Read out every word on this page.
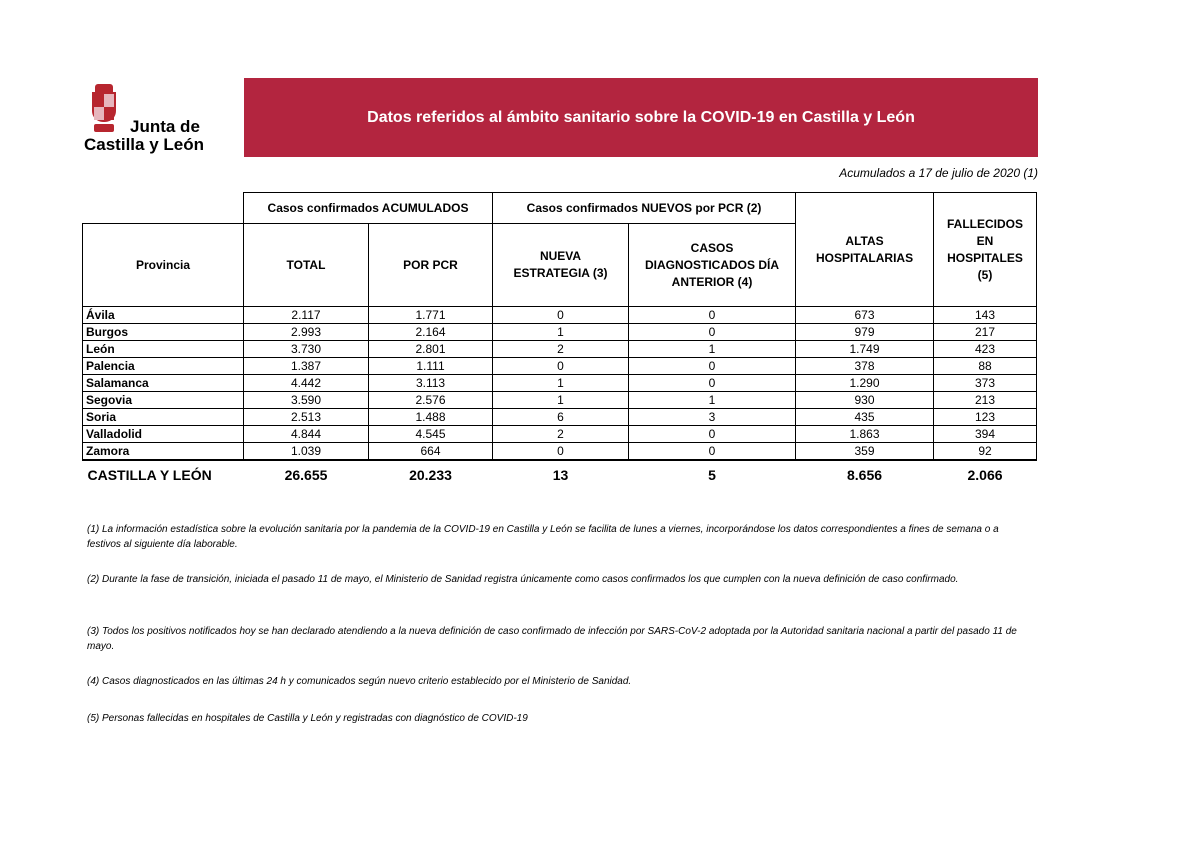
Junta de
Castilla y León
Datos referidos al ámbito sanitario sobre la COVID-19 en Castilla y León
Acumulados a 17 de julio de 2020 (1)
	Casos confirmados ACUMULADOS		Casos confirmados NUEVOS por PCR (2)		ALTAS HOSPITALARIAS	FALLECIDOS EN HOSPITALES (5)
Provincia	TOTAL	POR PCR	NUEVA ESTRATEGIA (3)	CASOS DIAGNOSTICADOS DÍA ANTERIOR (4)		
Ávila	2.117	1.771	0	0	673	143
Burgos	2.993	2.164	1	0	979	217
León	3.730	2.801	2	1	1.749	423
Palencia	1.387	1.111	0	0	378	88
Salamanca	4.442	3.113	1	0	1.290	373
Segovia	3.590	2.576	1	1	930	213
Soria	2.513	1.488	6	3	435	123
Valladolid	4.844	4.545	2	0	1.863	394
Zamora	1.039	664	0	0	359	92
CASTILLA Y LEÓN	26.655	20.233	13	5	8.656	2.066

(1) La información estadística sobre la evolución sanitaria por la pandemia de la COVID-19 en Castilla y León se facilita de lunes a viernes, incorporándose los datos correspondientes a fines de semana o a festivos al siguiente día laborable.

(2) Durante la fase de transición, iniciada el pasado 11 de mayo, el Ministerio de Sanidad registra únicamente como casos confirmados los que cumplen con la nueva definición de caso confirmado.

(3) Todos los positivos notificados hoy se han declarado atendiendo a la nueva definición de caso confirmado de infección por SARS-CoV-2 adoptada por la Autoridad sanitaria nacional a partir del pasado 11 de mayo.

(4) Casos diagnosticados en las últimas 24 h y comunicados según nuevo criterio establecido por el Ministerio de Sanidad.

(5) Personas fallecidas en hospitales de Castilla y León y registradas con diagnóstico de COVID-19
